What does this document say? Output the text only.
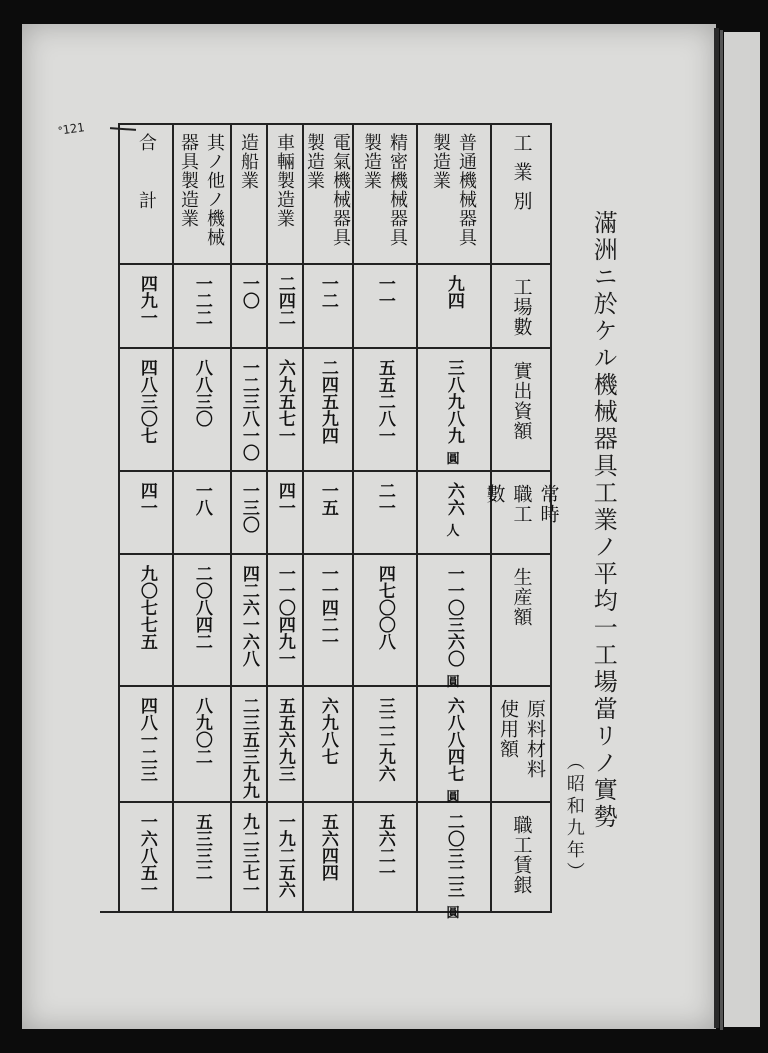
ᐤ121
滿洲ニ於ケル機械器具工業ノ平均一工場當リノ實勢
（昭和九年）
工業別
工場數
實出資額
常時職工數
生産額
原料材料使用額
職工賃銀
普通機械器具製造業
九四
三八九八九
圓
六六
人
一一〇三六〇
圓
六八八四七
圓
二〇三二三
圓
精密機械器具製造業
一一
五五二八一
二一
四七〇〇八
三二二九六
五六二一
電氣機械器具製造業
一二
二四五九四
一五
一一四二一
六九八七
五六四四
車輛製造業
二四二
六九五七一
四一
一一〇四九一
五五六九三
一九二五六
造船業
一〇
一二三八一〇
一三〇
四二六一六八
二三五三九九
九二三七一
其ノ他ノ機械器具製造業
一二二
八八三〇
一八
二〇八四二
八九〇二
五三三二
合計
四九一
四八三〇七
四一
九〇七七五
四八一二三
一六八五一
